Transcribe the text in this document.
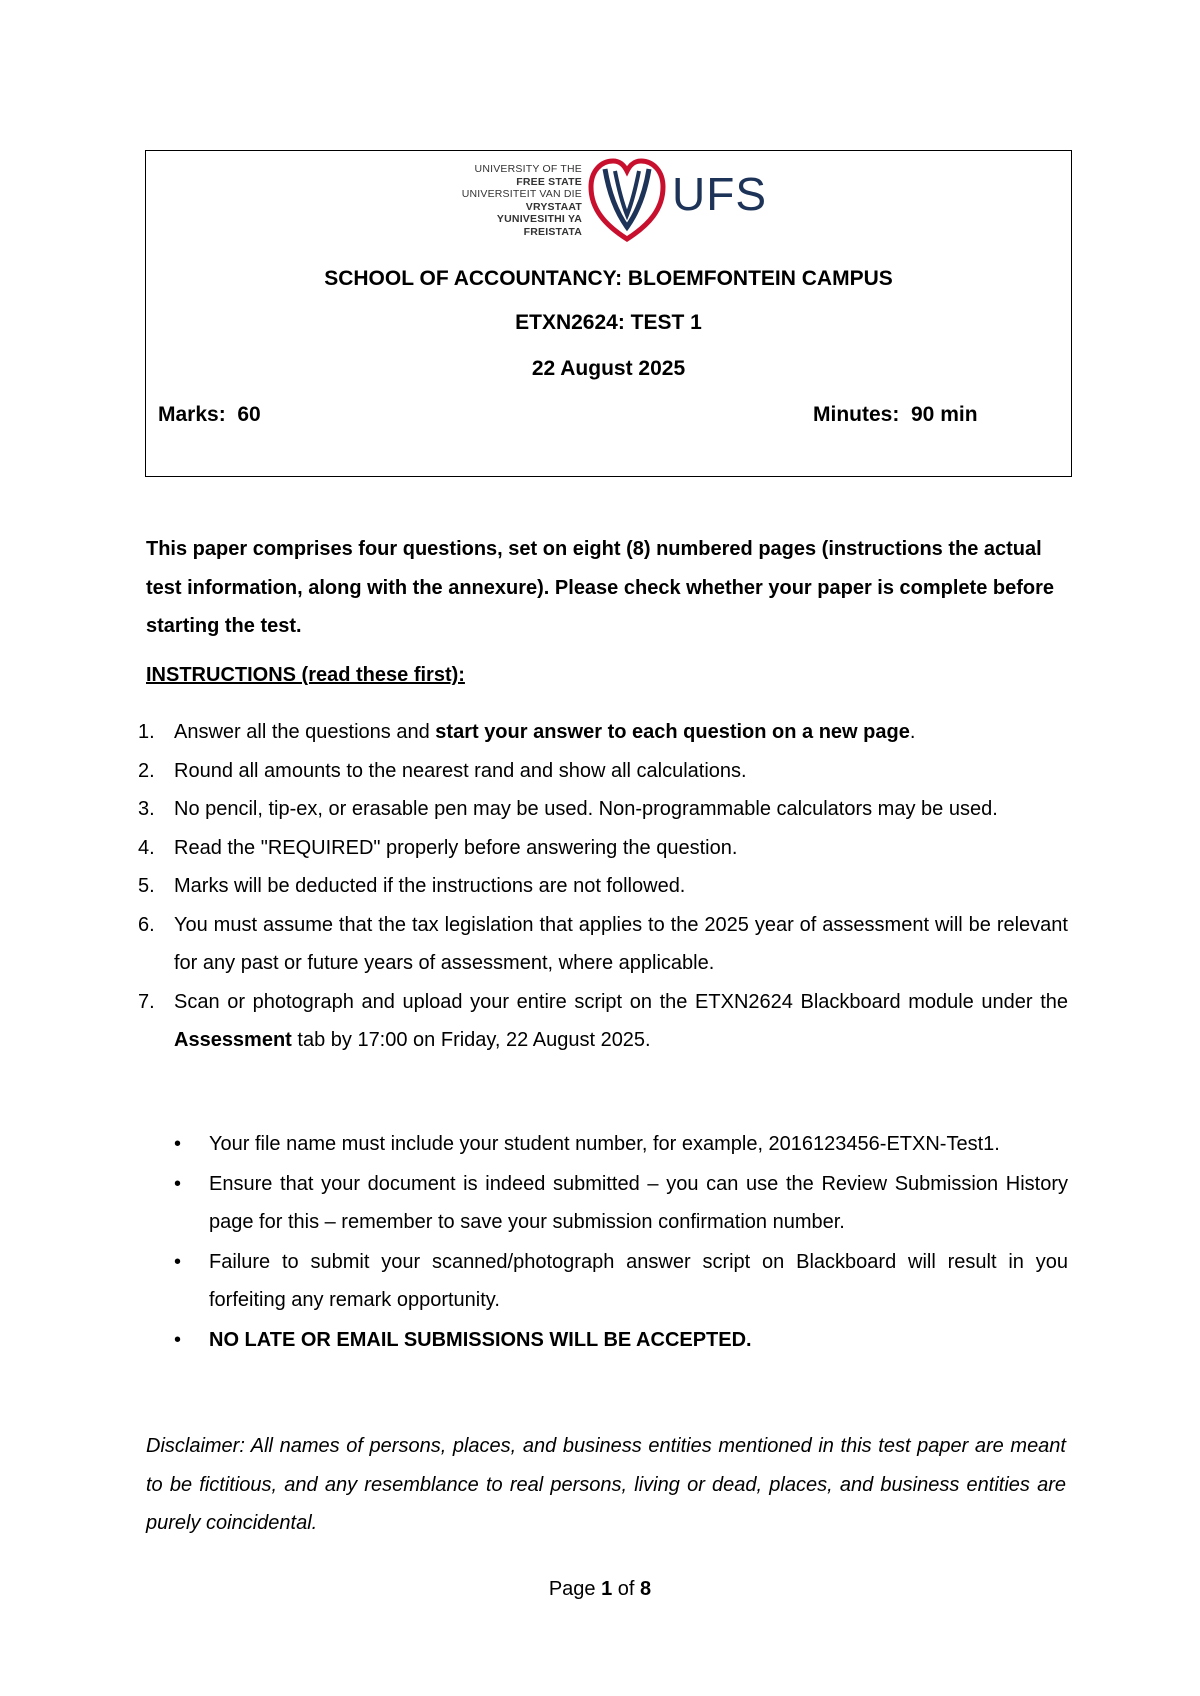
UNIVERSITY OF THE
FREE STATE
UNIVERSITEIT VAN DIE
VRYSTAAT
YUNIVESITHI YA
FREISTATA
UFS
SCHOOL OF ACCOUNTANCY: BLOEMFONTEIN CAMPUS
ETXN2624: TEST 1
22 August 2025
Marks: 60	Minutes: 90 min
This paper comprises four questions, set on eight (8) numbered pages (instructions the actual test information, along with the annexure). Please check whether your paper is complete before starting the test.
INSTRUCTIONS (read these first):
1. Answer all the questions and start your answer to each question on a new page.
2. Round all amounts to the nearest rand and show all calculations.
3. No pencil, tip-ex, or erasable pen may be used. Non-programmable calculators may be used.
4. Read the "REQUIRED" properly before answering the question.
5. Marks will be deducted if the instructions are not followed.
6. You must assume that the tax legislation that applies to the 2025 year of assessment will be relevant for any past or future years of assessment, where applicable.
7. Scan or photograph and upload your entire script on the ETXN2624 Blackboard module under the Assessment tab by 17:00 on Friday, 22 August 2025.
• Your file name must include your student number, for example, 2016123456-ETXN-Test1.
• Ensure that your document is indeed submitted – you can use the Review Submission History page for this – remember to save your submission confirmation number.
• Failure to submit your scanned/photograph answer script on Blackboard will result in you forfeiting any remark opportunity.
• NO LATE OR EMAIL SUBMISSIONS WILL BE ACCEPTED.
Disclaimer: All names of persons, places, and business entities mentioned in this test paper are meant to be fictitious, and any resemblance to real persons, living or dead, places, and business entities are purely coincidental.
Page 1 of 8
